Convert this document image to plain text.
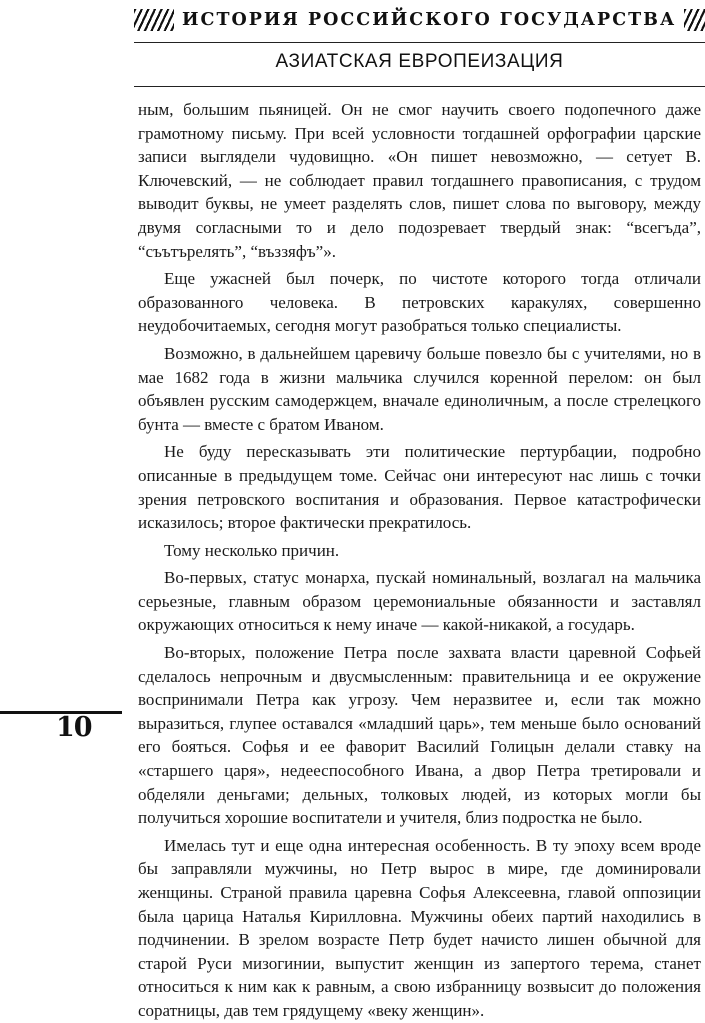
ИСТОРИЯ РОССИЙСКОГО ГОСУДАРСТВА
АЗИАТСКАЯ ЕВРОПЕИЗАЦИЯ

ным, большим пьяницей. Он не смог научить своего подопечного даже грамотному письму. При всей условности тогдашней орфографии царские записи выглядели чудовищно. «Он пишет невозможно, — сетует В. Ключевский, — не соблюдает правил тогдашнего правописания, с трудом выводит буквы, не умеет разделять слов, пишет слова по выговору, между двумя согласными то и дело подозревает твердый знак: “всегъда”, “съътърелять”, “въззяфъ”».

Еще ужасней был почерк, по чистоте которого тогда отличали образованного человека. В петровских каракулях, совершенно неудобочитаемых, сегодня могут разобраться только специалисты.

Возможно, в дальнейшем царевичу больше повезло бы с учителями, но в мае 1682 года в жизни мальчика случился коренной перелом: он был объявлен русским самодержцем, вначале единоличным, а после стрелецкого бунта — вместе с братом Иваном.

Не буду пересказывать эти политические пертурбации, подробно описанные в предыдущем томе. Сейчас они интересуют нас лишь с точки зрения петровского воспитания и образования. Первое катастрофически исказилось; второе фактически прекратилось.

Тому несколько причин.

Во-первых, статус монарха, пускай номинальный, возлагал на мальчика серьезные, главным образом церемониальные обязанности и заставлял окружающих относиться к нему иначе — какой-никакой, а государь.

Во-вторых, положение Петра после захвата власти царевной Софьей сделалось непрочным и двусмысленным: правительница и ее окружение воспринимали Петра как угрозу. Чем неразвитее и, если так можно выразиться, глупее оставался «младший царь», тем меньше было оснований его бояться. Софья и ее фаворит Василий Голицын делали ставку на «старшего царя», недееспособного Ивана, а двор Петра третировали и обделяли деньгами; дельных, толковых людей, из которых могли бы получиться хорошие воспитатели и учителя, близ подростка не было.

Имелась тут и еще одна интересная особенность. В ту эпоху всем вроде бы заправляли мужчины, но Петр вырос в мире, где доминировали женщины. Страной правила царевна Софья Алексеевна, главой оппозиции была царица Наталья Кирилловна. Мужчины обеих партий находились в подчинении. В зрелом возрасте Петр будет начисто лишен обычной для старой Руси мизогинии, выпустит женщин из запертого терема, станет относиться к ним как к равным, а свою избранницу возвысит до положения соратницы, дав тем грядущему «веку женщин».

10
